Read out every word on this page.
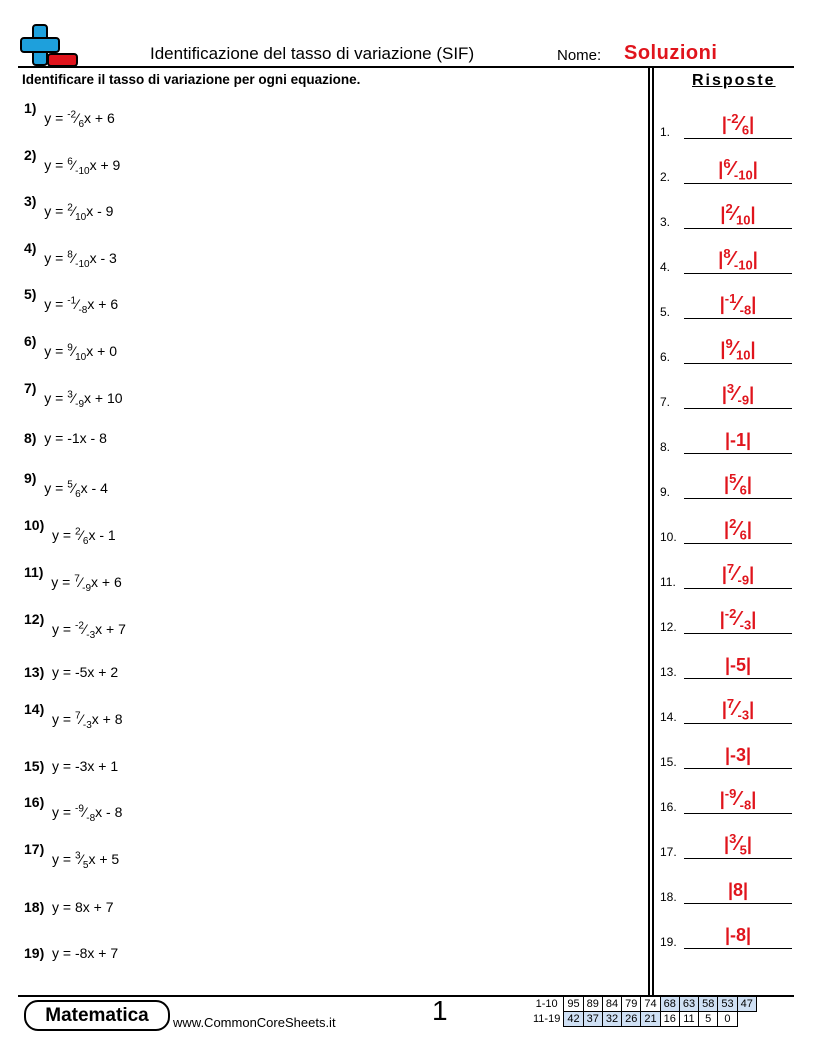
Identificazione del tasso di variazione (SIF)	Nome: Soluzioni
Identificare il tasso di variazione per ogni equazione.	Risposte
1)  $y = ^{-2}⁄_6x + 6$
2)  $y = ^6⁄_{-10}x + 9$
3)  $y = ^2⁄_{10}x - 9$
4)  $y = ^8⁄_{-10}x - 3$
5)  $y = ^{-1}⁄_{-8}x + 6$
6)  $y = ^9⁄_{10}x + 0$
7)  $y = ^3⁄_{-9}x + 10$
8) y = -1x - 8
9)  $y = ^5⁄_6x - 4$
10)  $y = ^2⁄_6x - 1$
11)  $y = ^7⁄_{-9}x + 6$
12)  $y = ^{-2}⁄_{-3}x + 7$
13) y = -5x + 2
14)  $y = ^7⁄_{-3}x + 8$
15) y = -3x + 1
16)  $y = ^{-9}⁄_{-8}x - 8$
17)  $y = ^3⁄_5x + 5$
18) y = 8x + 7
19) y = -8x + 7
1.	$|^{-2}⁄_6|$
2.	$|^6⁄_{-10}|$
3.	$|^2⁄_{10}|$
4.	$|^8⁄_{-10}|$
5.	$|^{-1}⁄_{-8}|$
6.	$|^9⁄_{10}|$
7.	$|^3⁄_{-9}|$
8.	|-1|
9.	$|^5⁄_6|$
10.	$|^2⁄_6|$
11.	$|^7⁄_{-9}|$
12.	$|^{-2}⁄_{-3}|$
13.	|-5|
14.	$|^7⁄_{-3}|$
15.	|-3|
16.	$|^{-9}⁄_{-8}|$
17.	$|^3⁄_5|$
18.	|8|
19.	|-8|
Matematica	www.CommonCoreSheets.it	1	1-10	95	89	84	79	74	68	63	58	53	47
11-19	42	37	32	26	21	16	11	5	0	
